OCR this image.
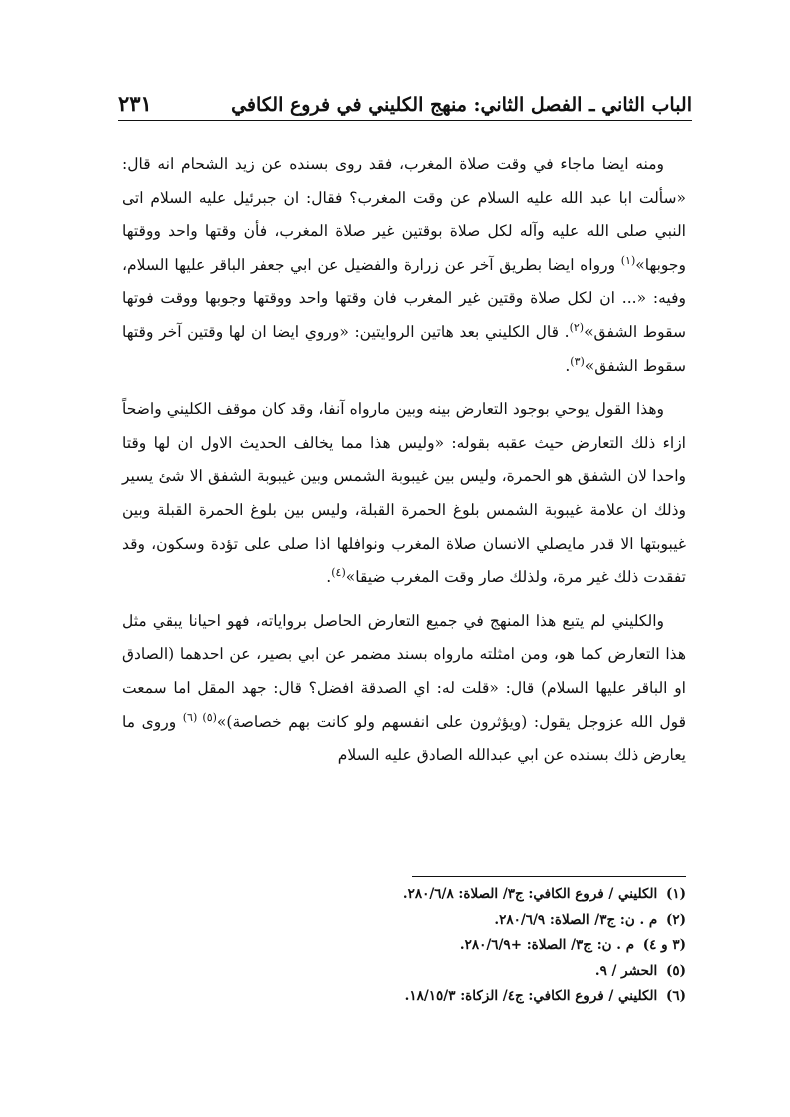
الباب الثاني ـ الفصل الثاني: منهج الكليني في فروع الكافي
٢٣١

ومنه ايضا ماجاء في وقت صلاة المغرب، فقد روى بسنده عن زيد الشحام انه قال: «سألت ابا عبد الله عليه السلام عن وقت المغرب؟ فقال: ان جبرئيل عليه السلام اتى النبي صلى الله عليه وآله لكل صلاة بوقتين غير صلاة المغرب، فأن وقتها واحد ووقتها وجوبها»$^{(١)}$ ورواه ايضا بطريق آخر عن زرارة والفضيل عن ابي جعفر الباقر عليها السلام، وفيه: «... ان لكل صلاة وقتين غير المغرب فان وقتها واحد ووقتها وجوبها ووقت فوتها سقوط الشفق»$^{(٢)}$. قال الكليني بعد هاتين الروايتين: «وروي ايضا ان لها وقتين آخر وقتها سقوط الشفق»$^{(٣)}$.

وهذا القول يوحي بوجود التعارض بينه وبين مارواه آنفا، وقد كان موقف الكليني واضحاً ازاء ذلك التعارض حيث عقبه بقوله: «وليس هذا مما يخالف الحديث الاول ان لها وقتا واحدا لان الشفق هو الحمرة، وليس بين غيبوبة الشمس وبين غيبوبة الشفق الا شئ يسير وذلك ان علامة غيبوبة الشمس بلوغ الحمرة القبلة، وليس بين بلوغ الحمرة القبلة وبين غيبوبتها الا قدر مايصلي الانسان صلاة المغرب ونوافلها اذا صلى على تؤدة وسكون، وقد تفقدت ذلك غير مرة، ولذلك صار وقت المغرب ضيقا»$^{(٤)}$.

والكليني لم يتبع هذا المنهج في جميع التعارض الحاصل برواياته، فهو احيانا يبقي مثل هذا التعارض كما هو، ومن امثلته مارواه بسند مضمر عن ابي بصير، عن احدهما (الصادق او الباقر عليها السلام) قال: «قلت له: اي الصدقة افضل؟ قال: جهد المقل اما سمعت قول الله عزوجل يقول: (ويؤثرون على انفسهم ولو كانت بهم خصاصة)»$^{(٥) (٦)}$ وروى ما يعارض ذلك بسنده عن ابي عبدالله الصادق عليه السلام

(١) الكليني / فروع الكافي: ج٣/ الصلاة: ٢٨٠/٦/٨.
(٢) م . ن: ج٣/ الصلاة: ٢٨٠/٦/٩.
(٣ و ٤) م . ن: ج٣/ الصلاة: +٢٨٠/٦/٩.
(٥) الحشر / ٩.
(٦) الكليني / فروع الكافي: ج٤/ الزكاة: ١٨/١٥/٣.
